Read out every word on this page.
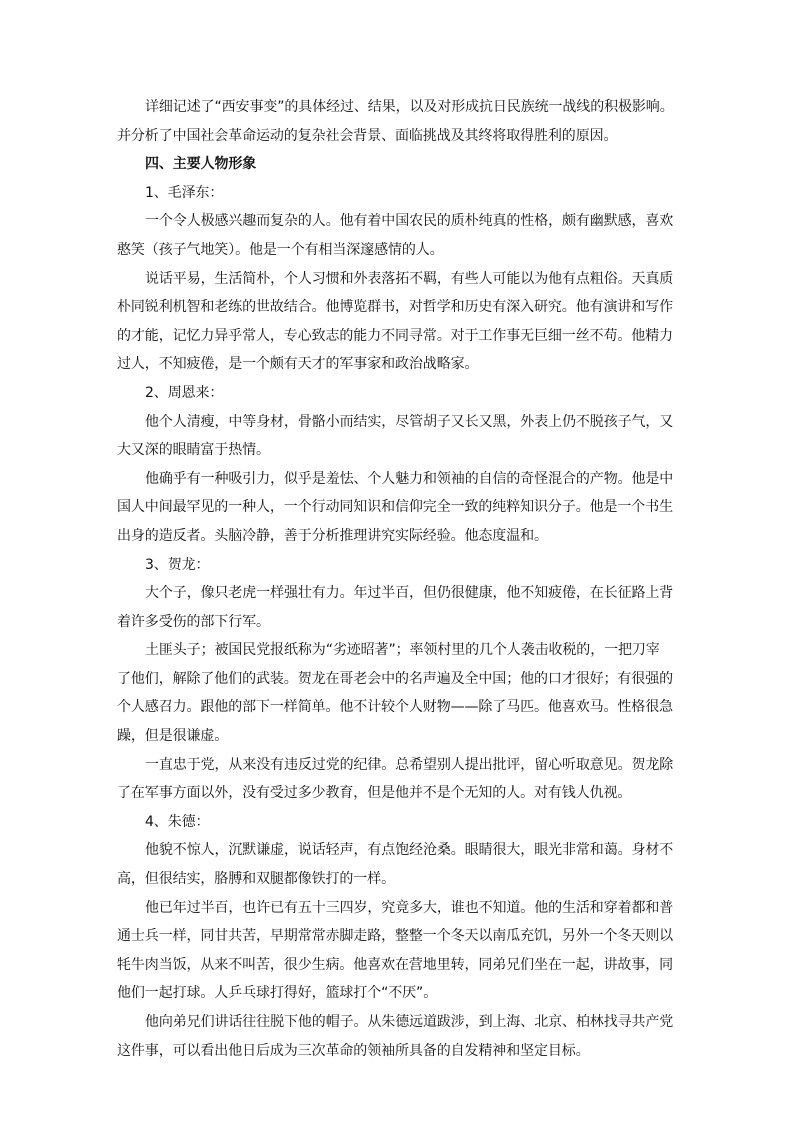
详细记述了“西安事变”的具体经过、结果，以及对形成抗日民族统一战线的积极影响。
并分析了中国社会革命运动的复杂社会背景、面临挑战及其终将取得胜利的原因。

四、主要人物形象

1、毛泽东：

一个令人极感兴趣而复杂的人。他有着中国农民的质朴纯真的性格，颇有幽默感，喜欢
憨笑（孩子气地笑）。他是一个有相当深邃感情的人。

说话平易，生活简朴，个人习惯和外表落拓不羁，有些人可能以为他有点粗俗。天真质
朴同锐利机智和老练的世故结合。他博览群书，对哲学和历史有深入研究。他有演讲和写作
的才能，记忆力异乎常人，专心致志的能力不同寻常。对于工作事无巨细一丝不苟。他精力
过人，不知疲倦，是一个颇有天才的军事家和政治战略家。

2、周恩来：

他个人清瘦，中等身材，骨骼小而结实，尽管胡子又长又黑，外表上仍不脱孩子气，又
大又深的眼睛富于热情。

他确乎有一种吸引力，似乎是羞怯、个人魅力和领袖的自信的奇怪混合的产物。他是中
国人中间最罕见的一种人，一个行动同知识和信仰完全一致的纯粹知识分子。他是一个书生
出身的造反者。头脑冷静，善于分析推理讲究实际经验。他态度温和。

3、贺龙：

大个子，像只老虎一样强壮有力。年过半百，但仍很健康，他不知疲倦，在长征路上背
着许多受伤的部下行军。

土匪头子；被国民党报纸称为“劣迹昭著”；率领村里的几个人袭击收税的，一把刀宰
了他们，解除了他们的武装。贺龙在哥老会中的名声遍及全中国；他的口才很好；有很强的
个人感召力。跟他的部下一样简单。他不计较个人财物——除了马匹。他喜欢马。性格很急
躁，但是很谦虚。

一直忠于党，从来没有违反过党的纪律。总希望别人提出批评，留心听取意见。贺龙除
了在军事方面以外，没有受过多少教育，但是他并不是个无知的人。对有钱人仇视。

4、朱德：

他貌不惊人，沉默谦虚，说话轻声，有点饱经沧桑。眼睛很大，眼光非常和蔼。身材不
高，但很结实，胳膊和双腿都像铁打的一样。

他已年过半百，也许已有五十三四岁，究竟多大，谁也不知道。他的生活和穿着都和普
通士兵一样，同甘共苦，早期常常赤脚走路，整整一个冬天以南瓜充饥，另外一个冬天则以
牦牛肉当饭，从来不叫苦，很少生病。他喜欢在营地里转，同弟兄们坐在一起，讲故事，同
他们一起打球。人乒乓球打得好，篮球打个“不厌”。

他向弟兄们讲话往往脱下他的帽子。从朱德远道跋涉，到上海、北京、柏林找寻共产党
这件事，可以看出他日后成为三次革命的领袖所具备的自发精神和坚定目标。
